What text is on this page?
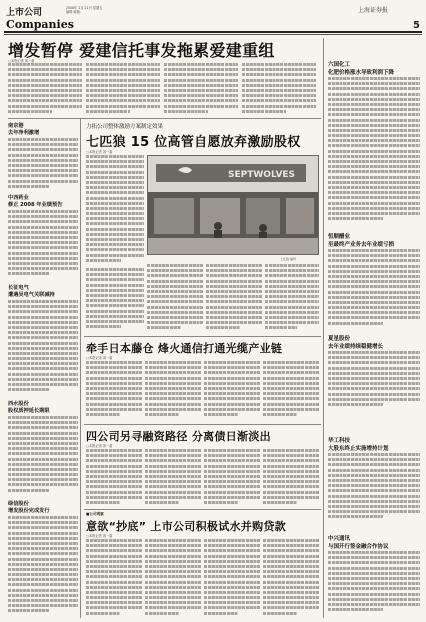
上市公司	2008年 2月 21日 星期五
编辑 邮箱：	上海证券报
Companies	5
增发暂停 爱建信托事发拖累爱建重组
□本报记者 刘一嘉
六国化工
化肥价格涨水导致利润下降
恒顺醋业
至最终产业务去年业绩亏损
夏星股份
去年业绩持续稳健增长
华工科技
大股东终止实施增持计划
中兴通讯
与国开行签金融合作协议
南京港
去年净利激增
中西药业
修正 2008 年业绩预告
长征电气
遭遇吴电气关联减持
西水股份
股权质押延长期限
绿信股份
增发股份完成发行
力拓公司整体激励方案制定效果
七匹狼 15 位高管自愿放弃激励股权
□本报记者 刘一嘉
SEPTWOLVES
七匹狼 福州
牵手日本藤仓 烽火通信打通光缆产业链
□本报记者 刘一嘉
四公司另寻融资路径 分离债日渐淡出
□本报记者 刘一嘉
■公司观察
意欲“抄底” 上市公司积极试水并购贷款
□本报记者 刘一嘉
